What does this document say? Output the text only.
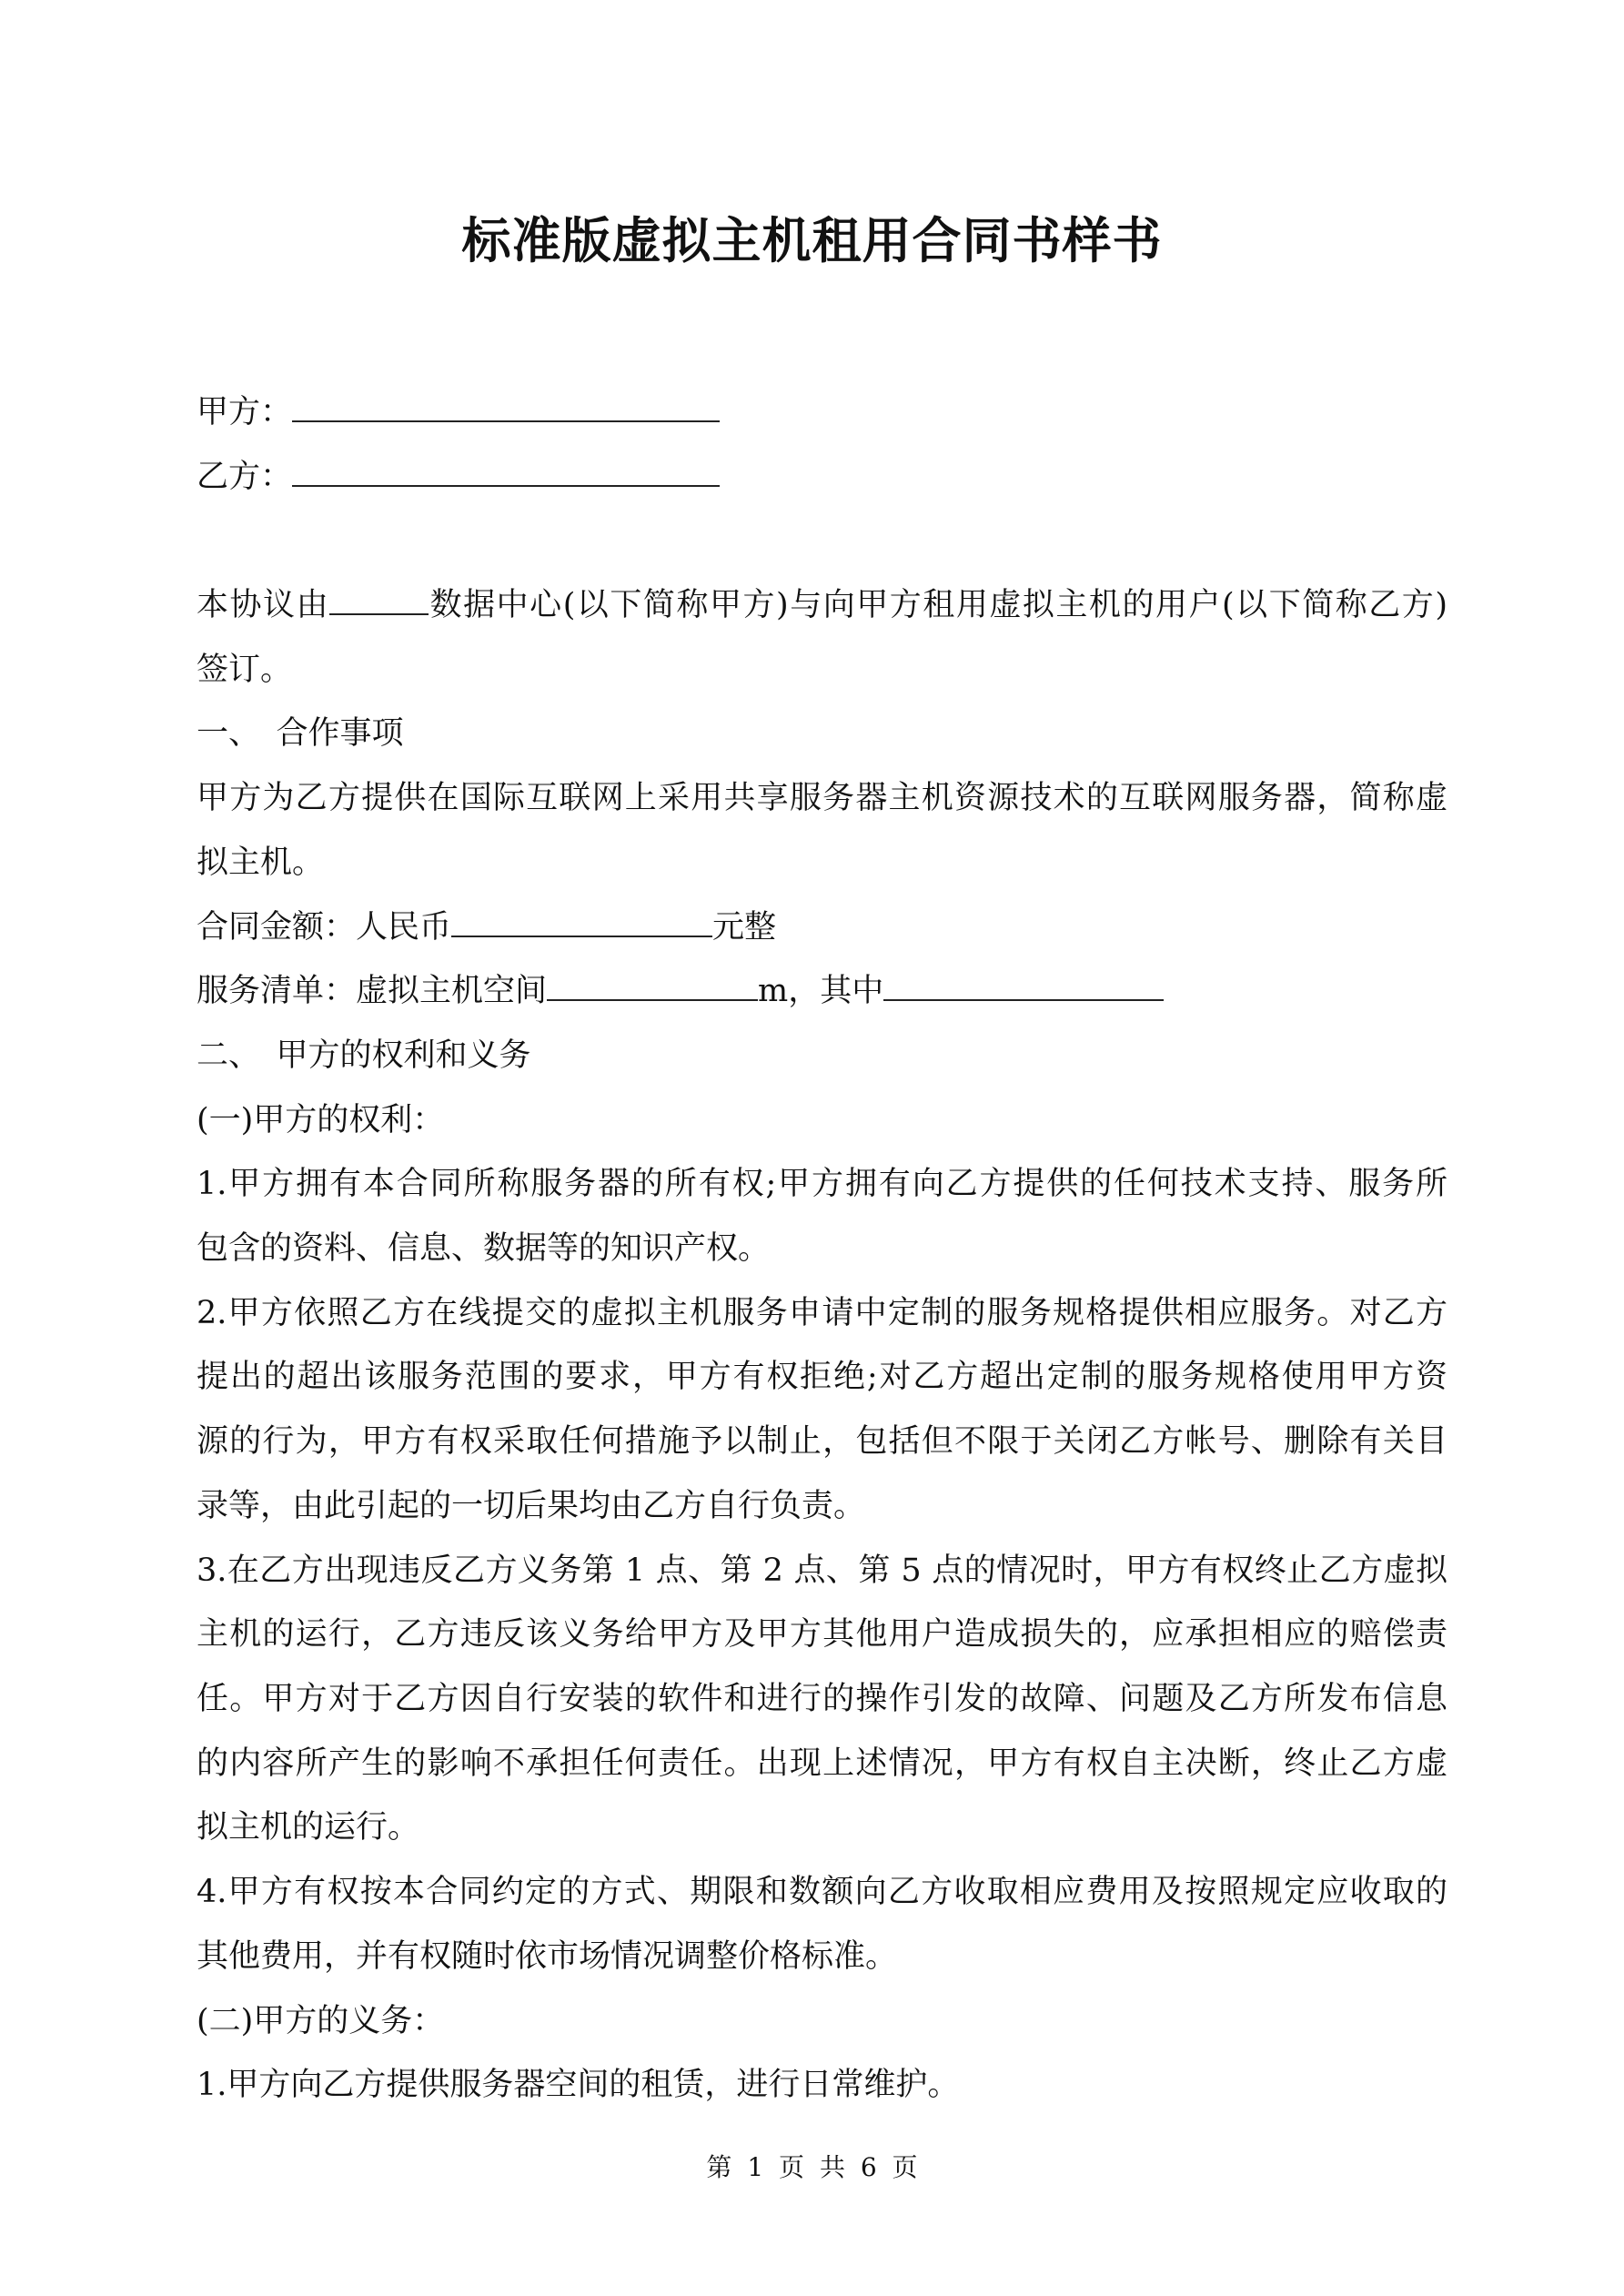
标准版虚拟主机租用合同书样书
甲方：
乙方：
本协议由	数据中心(以下简称甲方)与向甲方租用虚拟主机的用户(以下简称乙方)
签订。
一、　合作事项
甲方为乙方提供在国际互联网上采用共享服务器主机资源技术的互联网服务器，简称虚
拟主机。
合同金额：人民币	元整
服务清单：虚拟主机空间	m，其中
二、　甲方的权利和义务
(一)甲方的权利：
1.甲方拥有本合同所称服务器的所有权;甲方拥有向乙方提供的任何技术支持、服务所
包含的资料、信息、数据等的知识产权。
2.甲方依照乙方在线提交的虚拟主机服务申请中定制的服务规格提供相应服务。对乙方
提出的超出该服务范围的要求，甲方有权拒绝;对乙方超出定制的服务规格使用甲方资
源的行为，甲方有权采取任何措施予以制止，包括但不限于关闭乙方帐号、删除有关目
录等，由此引起的一切后果均由乙方自行负责。
3.在乙方出现违反乙方义务第 1 点、第 2 点、第 5 点的情况时，甲方有权终止乙方虚拟
主机的运行，乙方违反该义务给甲方及甲方其他用户造成损失的，应承担相应的赔偿责
任。甲方对于乙方因自行安装的软件和进行的操作引发的故障、问题及乙方所发布信息
的内容所产生的影响不承担任何责任。出现上述情况，甲方有权自主决断，终止乙方虚
拟主机的运行。
4.甲方有权按本合同约定的方式、期限和数额向乙方收取相应费用及按照规定应收取的
其他费用，并有权随时依市场情况调整价格标准。
(二)甲方的义务：
1.甲方向乙方提供服务器空间的租赁，进行日常维护。
第 1 页 共 6 页
